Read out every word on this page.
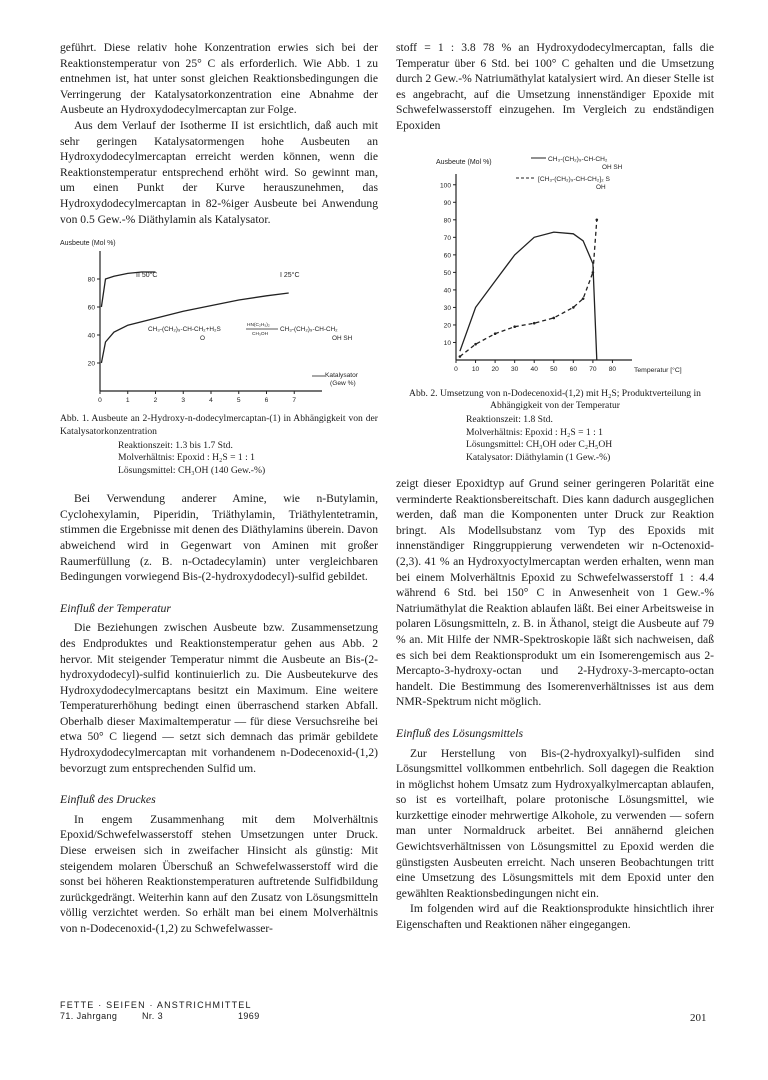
geführt. Diese relativ hohe Konzentration erwies sich bei der Reaktionstemperatur von 25° C als erforderlich. Wie Abb. 1 zu entnehmen ist, hat unter sonst gleichen Reaktionsbedingungen die Verringerung der Katalysatorkonzentration eine Abnahme der Ausbeute an Hydroxydodecylmercaptan zur Folge.

Aus dem Verlauf der Isotherme II ist ersichtlich, daß auch mit sehr geringen Katalysatormengen hohe Ausbeuten an Hydroxydodecylmercaptan erreicht werden können, wenn die Reaktionstemperatur entsprechend erhöht wird. So gewinnt man, um einen Punkt der Kurve herauszunehmen, das Hydroxydodecylmercaptan in 82-%iger Ausbeute bei Anwendung von 0.5 Gew.-% Diäthylamin als Katalysator.

Ausbeute (Mol %)
20
40
60
80
0	1	2	3	4	5	6	7
II 50°C	I 25°C
Katalysator
(Gew %)
CH₃-(CH₂)₉-CH-CH₂+H₂S
O
HN(C₂H₅)₂
CH₃OH
CH₃-(CH₂)₉-CH-CH₂
OH SH
Abb. 1. Ausbeute an 2-Hydroxy-n-dodecylmercaptan-(1) in Abhängigkeit von der Katalysatorkonzentration
Reaktionszeit: 1.3 bis 1.7 Std.
Molverhältnis: Epoxid : H₂S = 1 : 1
Lösungsmittel: CH₃OH (140 Gew.-%)

Bei Verwendung anderer Amine, wie n-Butylamin, Cyclohexylamin, Piperidin, Triäthylamin, Triäthylentetramin, stimmen die Ergebnisse mit denen des Diäthylamins überein. Davon abweichend wird in Gegenwart von Aminen mit großer Raumerfüllung (z. B. n-Octadecylamin) unter vergleichbaren Bedingungen vorwiegend Bis-(2-hydroxydodecyl)-sulfid gebildet.

Einfluß der Temperatur

Die Beziehungen zwischen Ausbeute bzw. Zusammensetzung des Endproduktes und Reaktionstemperatur gehen aus Abb. 2 hervor. Mit steigender Temperatur nimmt die Ausbeute an Bis-(2-hydroxydodecyl)-sulfid kontinuierlich zu. Die Ausbeutekurve des Hydroxydodecylmercaptans besitzt ein Maximum. Eine weitere Temperaturerhöhung bedingt einen überraschend starken Abfall. Oberhalb dieser Maximaltemperatur — für diese Versuchsreihe bei etwa 50° C liegend — setzt sich demnach das primär gebildete Hydroxydodecylmercaptan mit vorhandenem n-Dodecenoxid-(1,2) bevorzugt zum entsprechenden Sulfid um.

Einfluß des Druckes

In engem Zusammenhang mit dem Molverhältnis Epoxid/Schwefelwasserstoff stehen Umsetzungen unter Druck. Diese erweisen sich in zweifacher Hinsicht als günstig: Mit steigendem molaren Überschuß an Schwefelwasserstoff wird die sonst bei höheren Reaktionstemperaturen auftretende Sulfidbildung zurückgedrängt. Weiterhin kann auf den Zusatz von Lösungsmitteln völlig verzichtet werden. So erhält man bei einem Molverhältnis von n-Dodecenoxid-(1,2) zu Schwefelwasser-

stoff = 1 : 3.8 78 % an Hydroxydodecylmercaptan, falls die Temperatur über 6 Std. bei 100° C gehalten und die Umsetzung durch 2 Gew.-% Natriumäthylat katalysiert wird. An dieser Stelle ist es angebracht, auf die Umsetzung innenständiger Epoxide mit Schwefelwasserstoff einzugehen. Im Vergleich zu endständigen Epoxiden

Ausbeute (Mol %)	CH₃-(CH₂)₉-CH-CH₂
OH SH
[CH₃-(CH₂)₉-CH-CH₂]₂ S
OH
10
20
30
40
50
60
70
80
90
100
0 10 20 30 40 50 60 70 80	Temperatur [°C]
Abb. 2. Umsetzung von n-Dodecenoxid-(1,2) mit H₂S; Produktverteilung in Abhängigkeit von der Temperatur
Reaktionszeit: 1.8 Std.
Molverhältnis: Epoxid : H₂S = 1 : 1
Lösungsmittel: CH₃OH oder C₂H₅OH
Katalysator: Diäthylamin (1 Gew.-%)

zeigt dieser Epoxidtyp auf Grund seiner geringeren Polarität eine verminderte Reaktionsbereitschaft. Dies kann dadurch ausgeglichen werden, daß man die Komponenten unter Druck zur Reaktion bringt. Als Modellsubstanz vom Typ des Epoxids mit innenständiger Ringgruppierung verwendeten wir n-Octenoxid-(2,3). 41 % an Hydroxyoctylmercaptan werden erhalten, wenn man bei einem Molverhältnis Epoxid zu Schwefelwasserstoff 1 : 4.4 während 6 Std. bei 150° C in Anwesenheit von 1 Gew.-% Natriumäthylat die Reaktion ablaufen läßt. Bei einer Arbeitsweise in polaren Lösungsmitteln, z. B. in Äthanol, steigt die Ausbeute auf 79 % an. Mit Hilfe der NMR-Spektroskopie läßt sich nachweisen, daß es sich bei dem Reaktionsprodukt um ein Isomerengemisch aus 2-Mercapto-3-hydroxy-octan und 2-Hydroxy-3-mercapto-octan handelt. Die Bestimmung des Isomerenverhältnisses ist aus dem NMR-Spektrum nicht möglich.

Einfluß des Lösungsmittels

Zur Herstellung von Bis-(2-hydroxyalkyl)-sulfiden sind Lösungsmittel vollkommen entbehrlich. Soll dagegen die Reaktion in möglichst hohem Umsatz zum Hydroxyalkylmercaptan ablaufen, so ist es vorteilhaft, polare protonische Lösungsmittel, wie kurzkettige einoder mehrwertige Alkohole, zu verwenden — sofern man unter Normaldruck arbeitet. Bei annähernd gleichen Gewichtsverhältnissen von Lösungsmittel zu Epoxid werden die günstigsten Ausbeuten erreicht. Nach unseren Beobachtungen tritt eine Umsetzung des Lösungsmittels mit dem Epoxid unter den gewählten Reaktionsbedingungen nicht ein.

Im folgenden wird auf die Reaktionsprodukte hinsichtlich ihrer Eigenschaften und Reaktionen näher eingegangen.

FETTE · SEIFEN · ANSTRICHMITTEL
71. Jahrgang	Nr. 3	1969	201
